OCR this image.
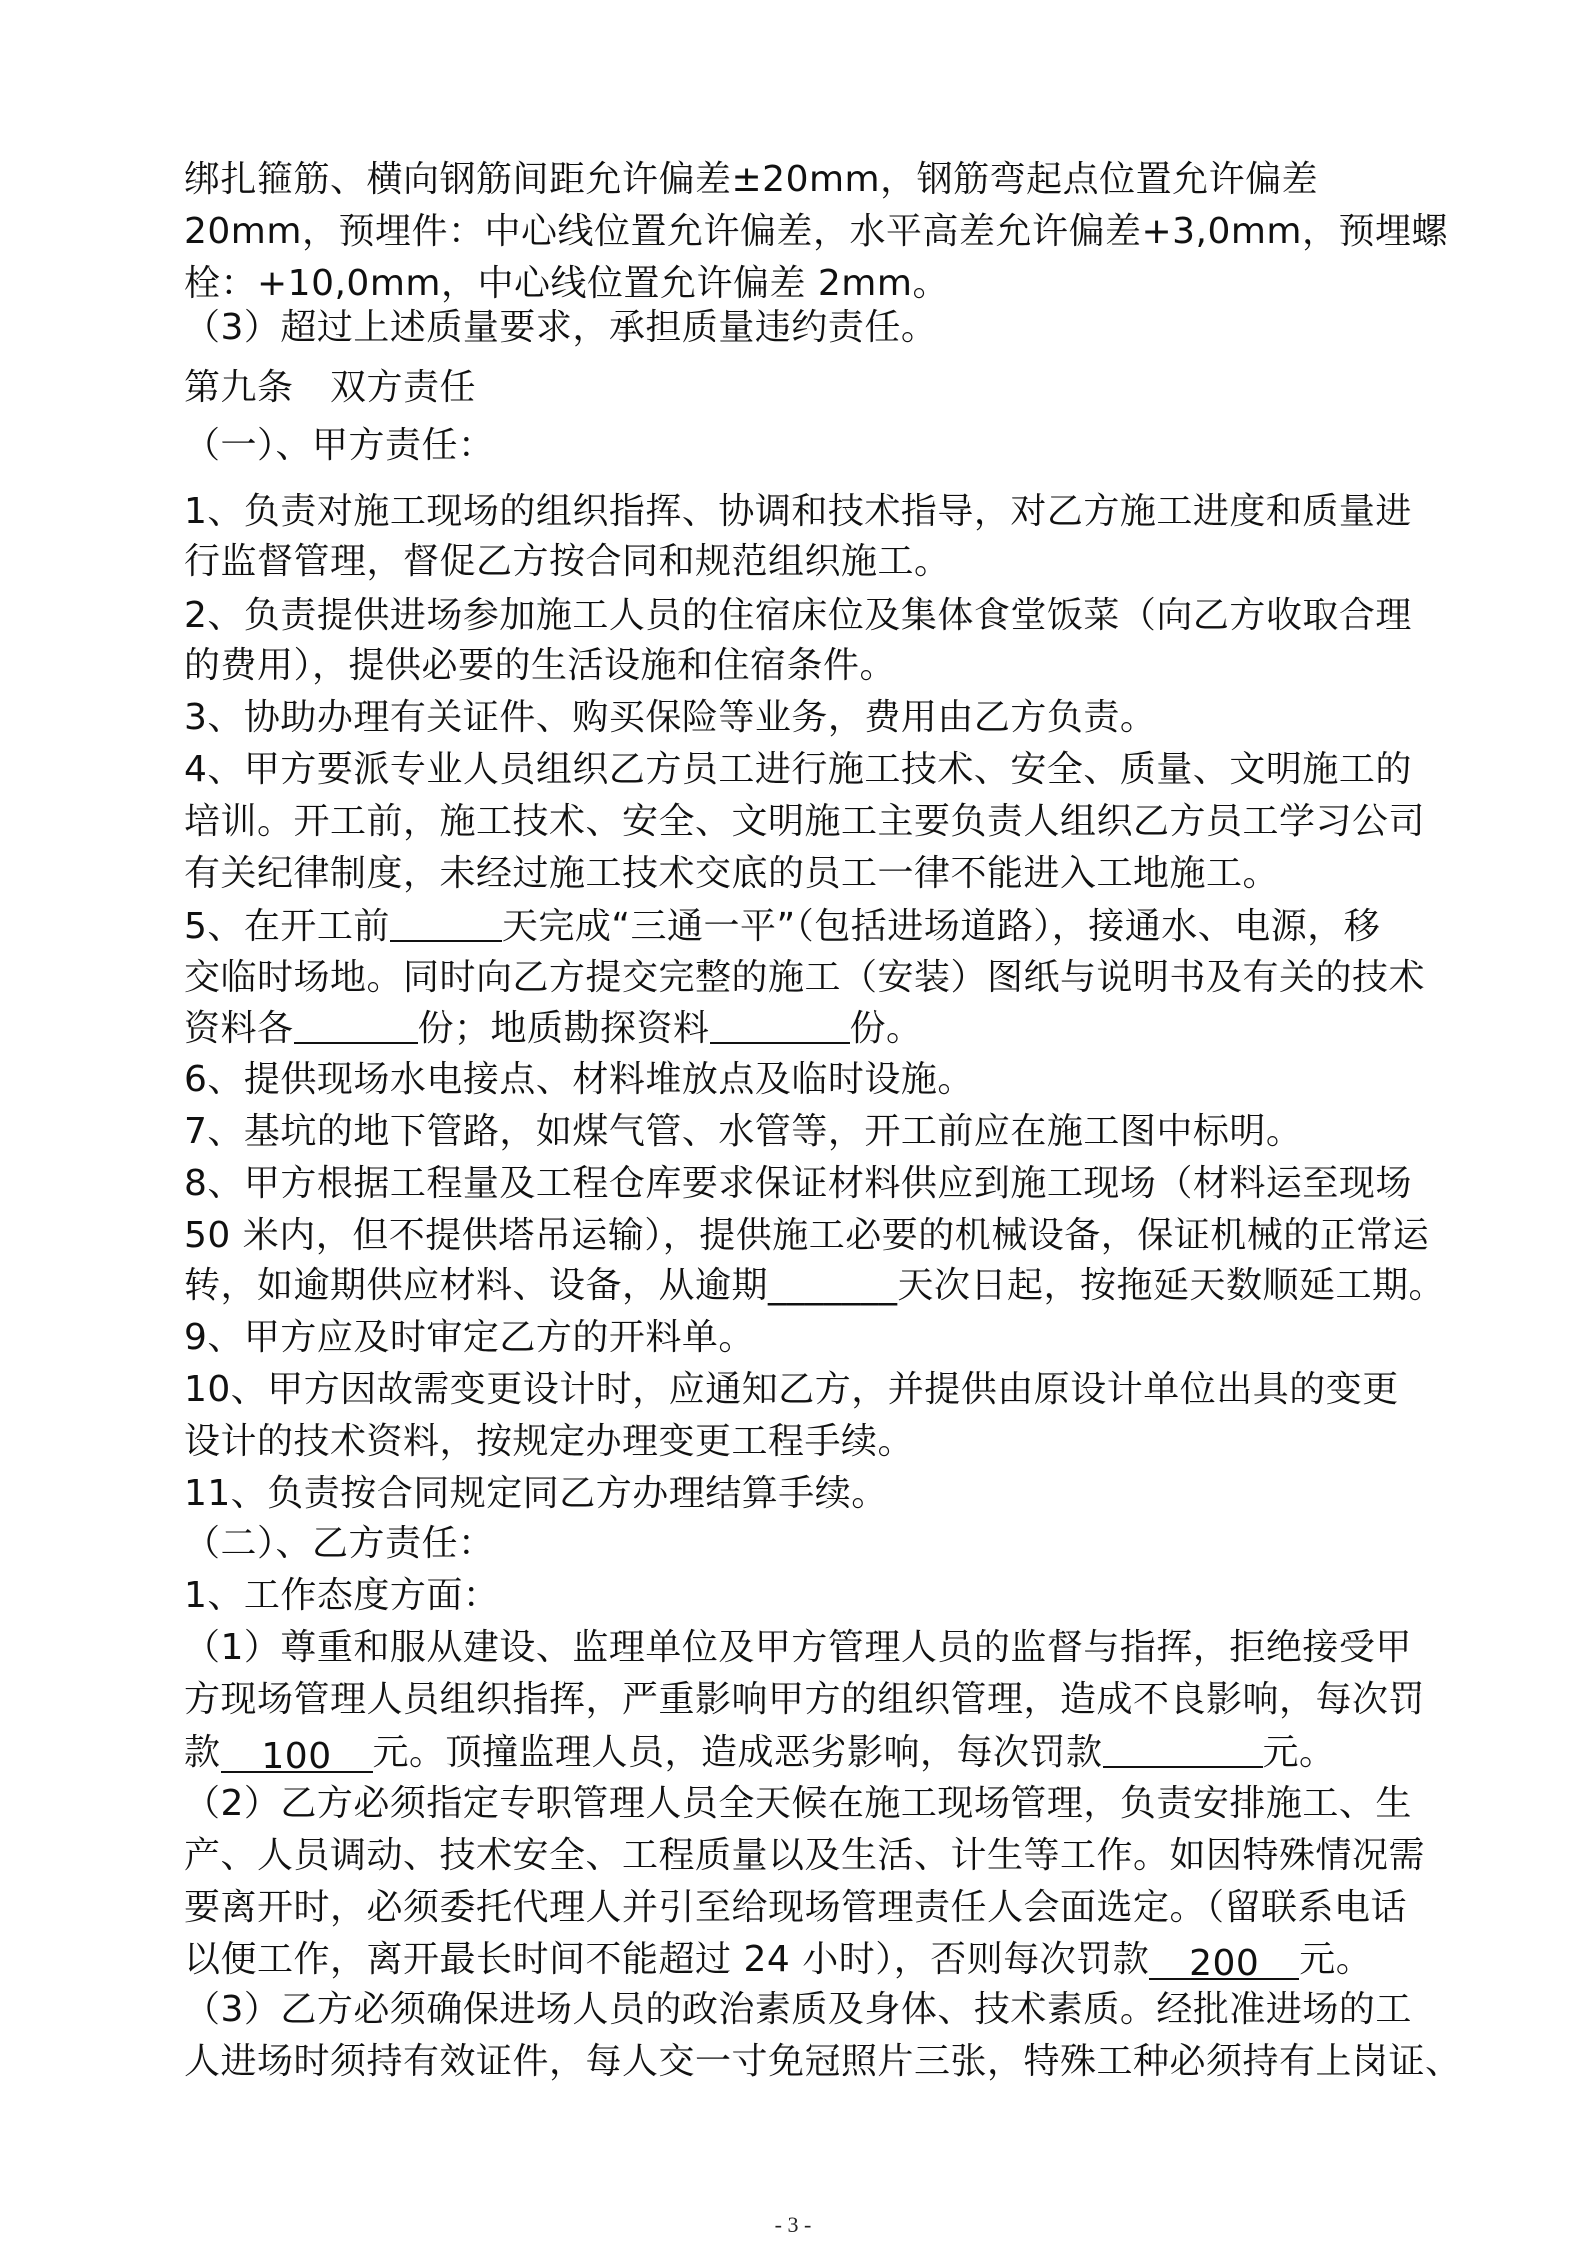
绑扎箍筋、横向钢筋间距允许偏差±20mm，钢筋弯起点位置允许偏差
20mm，预埋件：中心线位置允许偏差，水平高差允许偏差+3,0mm，预埋螺
栓：+10,0mm，中心线位置允许偏差 2mm。
（3）超过上述质量要求，承担质量违约责任。
第九条　双方责任
（一）、甲方责任：
1、负责对施工现场的组织指挥、协调和技术指导，对乙方施工进度和质量进
行监督管理，督促乙方按合同和规范组织施工。
2、负责提供进场参加施工人员的住宿床位及集体食堂饭菜（向乙方收取合理
的费用），提供必要的生活设施和住宿条件。
3、协助办理有关证件、购买保险等业务，费用由乙方负责。
4、甲方要派专业人员组织乙方员工进行施工技术、安全、质量、文明施工的
培训。开工前，施工技术、安全、文明施工主要负责人组织乙方员工学习公司
有关纪律制度，未经过施工技术交底的员工一律不能进入工地施工。
5、在开工前	天完成“三通一平”（包括进场道路），接通水、电源，移
交临时场地。同时向乙方提交完整的施工（安装）图纸与说明书及有关的技术
资料各	份；地质勘探资料	份。
6、提供现场水电接点、材料堆放点及临时设施。
7、基坑的地下管路，如煤气管、水管等，开工前应在施工图中标明。
8、甲方根据工程量及工程仓库要求保证材料供应到施工现场（材料运至现场
50 米内，但不提供塔吊运输），提供施工必要的机械设备，保证机械的正常运
转，如逾期供应材料、设备，从逾期_______天次日起，按拖延天数顺延工期。
9、甲方应及时审定乙方的开料单。
10、甲方因故需变更设计时，应通知乙方，并提供由原设计单位出具的变更
设计的技术资料，按规定办理变更工程手续。
11、负责按合同规定同乙方办理结算手续。
（二）、乙方责任：
1、工作态度方面：
（1）尊重和服从建设、监理单位及甲方管理人员的监督与指挥，拒绝接受甲
方现场管理人员组织指挥，严重影响甲方的组织管理，造成不良影响，每次罚
款 100 元。顶撞监理人员，造成恶劣影响，每次罚款	元。
（2）乙方必须指定专职管理人员全天候在施工现场管理，负责安排施工、生
产、人员调动、技术安全、工程质量以及生活、计生等工作。如因特殊情况需
要离开时，必须委托代理人并引至给现场管理责任人会面选定。（留联系电话
以便工作，离开最长时间不能超过 24 小时），否则每次罚款 200 元。
（3）乙方必须确保进场人员的政治素质及身体、技术素质。经批准进场的工
人进场时须持有效证件，每人交一寸免冠照片三张，特殊工种必须持有上岗证、
- 3 -
